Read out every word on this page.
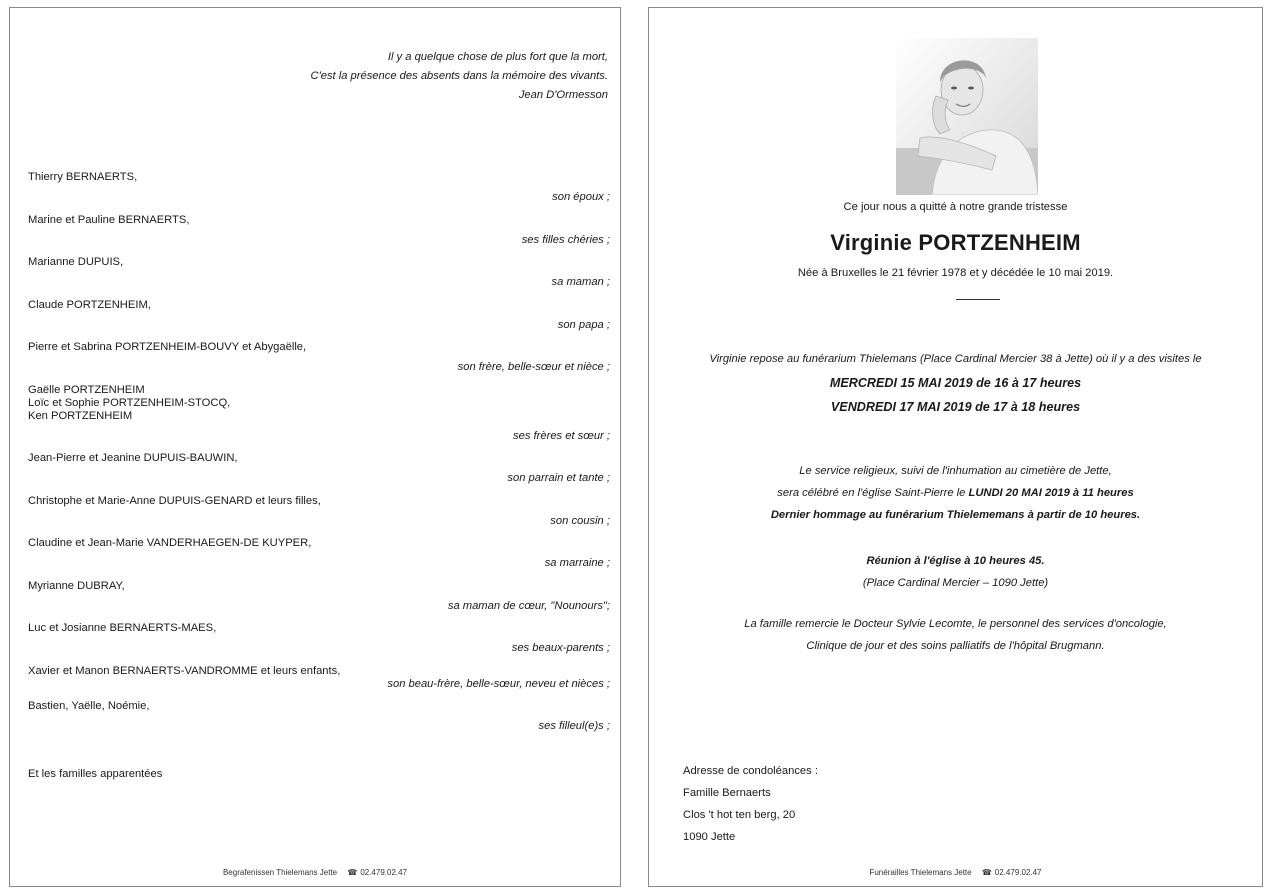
Il y a quelque chose de plus fort que la mort,
C'est la présence des absents dans la mémoire des vivants.
Jean D'Ormesson
Thierry BERNAERTS,
son époux ;
Marine et Pauline BERNAERTS,
ses filles chéries ;
Marianne DUPUIS,
sa maman ;
Claude PORTZENHEIM,
son papa ;
Pierre et Sabrina PORTZENHEIM-BOUVY et Abygaëlle,
son frère, belle-sœur et nièce ;
Gaëlle PORTZENHEIM
Loïc et Sophie PORTZENHEIM-STOCQ,
Ken PORTZENHEIM
ses frères et sœur ;
Jean-Pierre et Jeanine DUPUIS-BAUWIN,
son parrain et tante ;
Christophe et Marie-Anne DUPUIS-GENARD et leurs filles,
son cousin ;
Claudine et Jean-Marie VANDERHAEGEN-DE KUYPER,
sa marraine ;
Myrianne DUBRAY,
sa maman de cœur, "Nounours";
Luc et Josianne BERNAERTS-MAES,
ses beaux-parents ;
Xavier et Manon BERNAERTS-VANDROMME et leurs enfants,
son beau-frère, belle-sœur, neveu et nièces ;
Bastien, Yaëlle, Noémie,
ses filleul(e)s ;
Et les familles apparentées
Begrafenissen Thielemans Jette ☎ 02.479.02.47
Ce jour nous a quitté à notre grande tristesse
Virginie PORTZENHEIM
Née à Bruxelles le 21 février 1978 et y décédée le 10 mai 2019.
Virginie repose au funérarium Thielemans (Place Cardinal Mercier 38 à Jette) où il y a des visites le
MERCREDI 15 MAI 2019 de 16 à 17 heures
VENDREDI 17 MAI 2019 de 17 à 18 heures
Le service religieux, suivi de l'inhumation au cimetière de Jette,
sera célébré en l'église Saint-Pierre le LUNDI 20 MAI 2019 à 11 heures
Dernier hommage au funérarium Thielememans à partir de 10 heures.
Réunion à l'église à 10 heures 45.
(Place Cardinal Mercier – 1090 Jette)
La famille remercie le Docteur Sylvie Lecomte, le personnel des services d'oncologie,
Clinique de jour et des soins palliatifs de l'hôpital Brugmann.
Adresse de condoléances :
Famille Bernaerts
Clos 't hot ten berg, 20
1090 Jette
Funérailles Thielemans Jette ☎ 02.479.02.47
